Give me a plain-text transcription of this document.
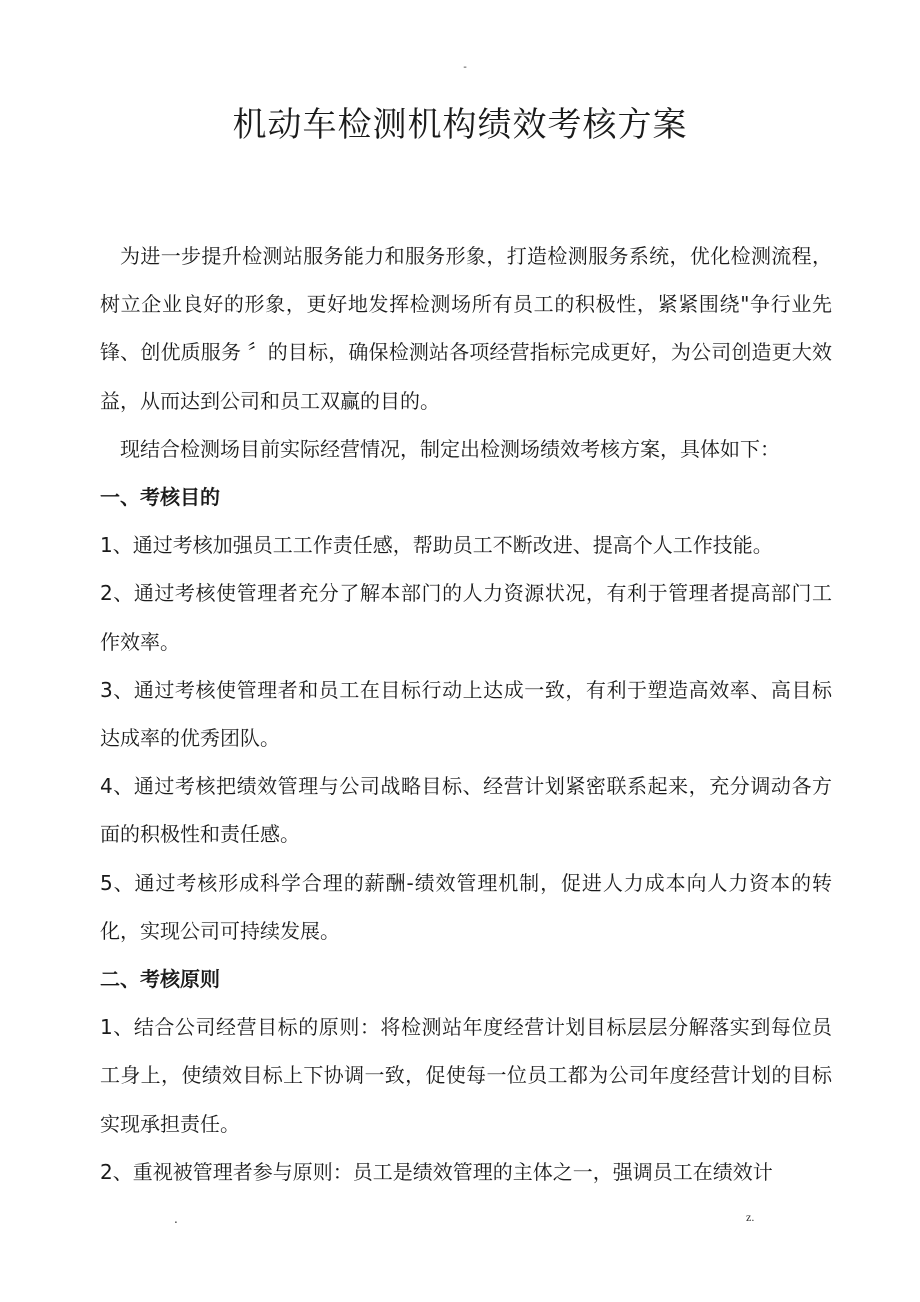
-
机动车检测机构绩效考核方案

为进一步提升检测站服务能力和服务形象，打造检测服务系统，优化检测流程，树立企业良好的形象，更好地发挥检测场所有员工的积极性，紧紧围绕"争行业先锋、创优质服务 〞的目标，确保检测站各项经营指标完成更好，为公司创造更大效益，从而达到公司和员工双赢的目的。

现结合检测场目前实际经营情况，制定出检测场绩效考核方案，具体如下：

一、考核目的

1、通过考核加强员工工作责任感，帮助员工不断改进、提高个人工作技能。

2、通过考核使管理者充分了解本部门的人力资源状况，有利于管理者提高部门工作效率。

3、通过考核使管理者和员工在目标行动上达成一致，有利于塑造高效率、高目标达成率的优秀团队。

4、通过考核把绩效管理与公司战略目标、经营计划紧密联系起来，充分调动各方面的积极性和责任感。

5、通过考核形成科学合理的薪酬-绩效管理机制，促进人力成本向人力资本的转化，实现公司可持续发展。

二、考核原则

1、结合公司经营目标的原则：将检测站年度经营计划目标层层分解落实到每位员工身上，使绩效目标上下协调一致，促使每一位员工都为公司年度经营计划的目标实现承担责任。

2、重视被管理者参与原则：员工是绩效管理的主体之一，强调员工在绩效计

.	z.
